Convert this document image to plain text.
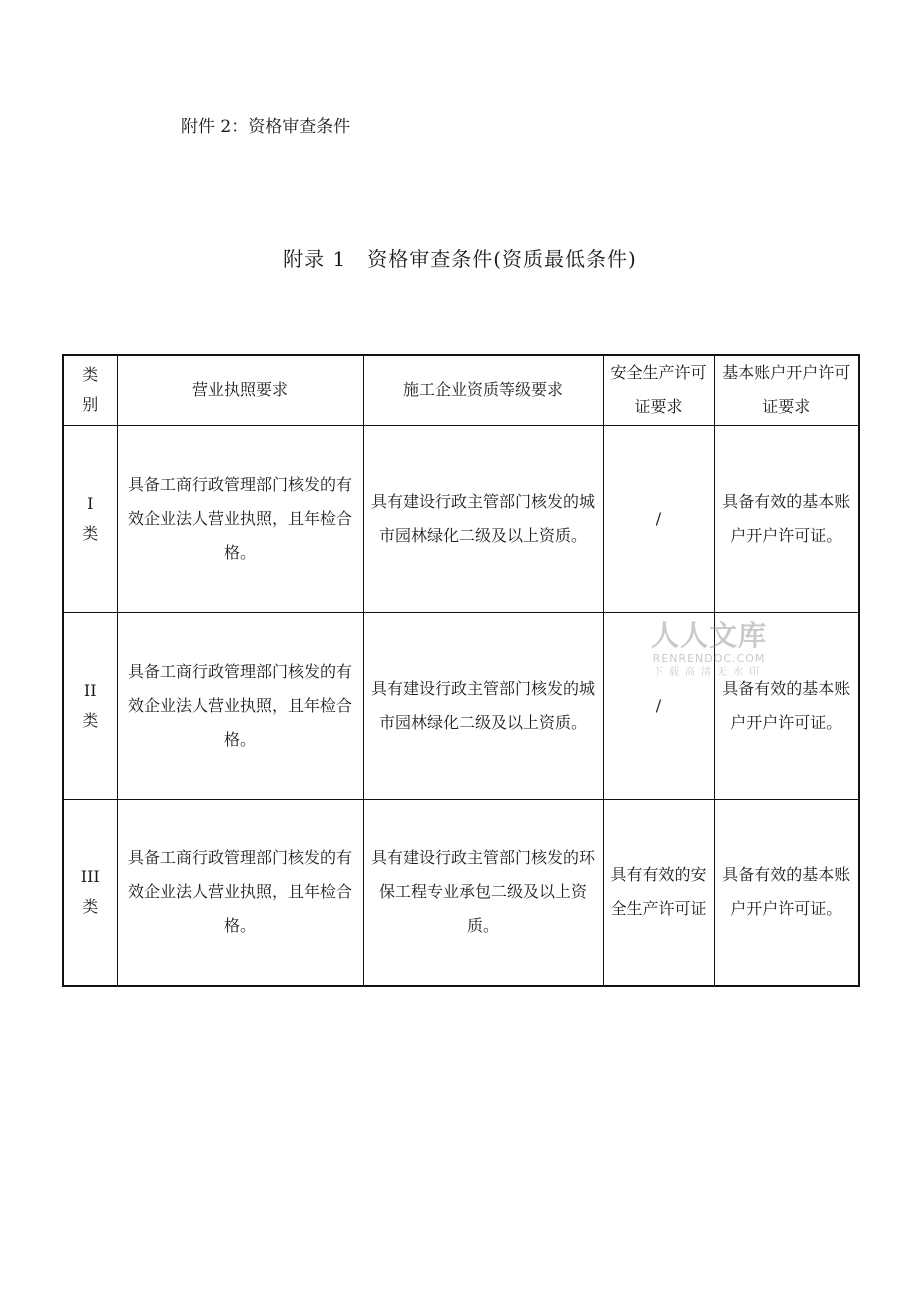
附件 2：资格审查条件
附录 1　资格审查条件(资质最低条件)
类
别	营业执照要求	施工企业资质等级要求	安全生产许可证要求	基本账户开户许可证要求

I
类	具备工商行政管理部门核发的有效企业法人营业执照，且年检合格。	具有建设行政主管部门核发的城市园林绿化二级及以上资质。	/	具备有效的基本账户开户许可证。

II
类	具备工商行政管理部门核发的有效企业法人营业执照，且年检合格。	具有建设行政主管部门核发的城市园林绿化二级及以上资质。	/	具备有效的基本账户开户许可证。

III
类	具备工商行政管理部门核发的有效企业法人营业执照，且年检合格。	具有建设行政主管部门核发的环保工程专业承包二级及以上资质。	具有有效的安全生产许可证	具备有效的基本账户开户许可证。
人人文库
RENRENDOC.COM
下载高清无水印
